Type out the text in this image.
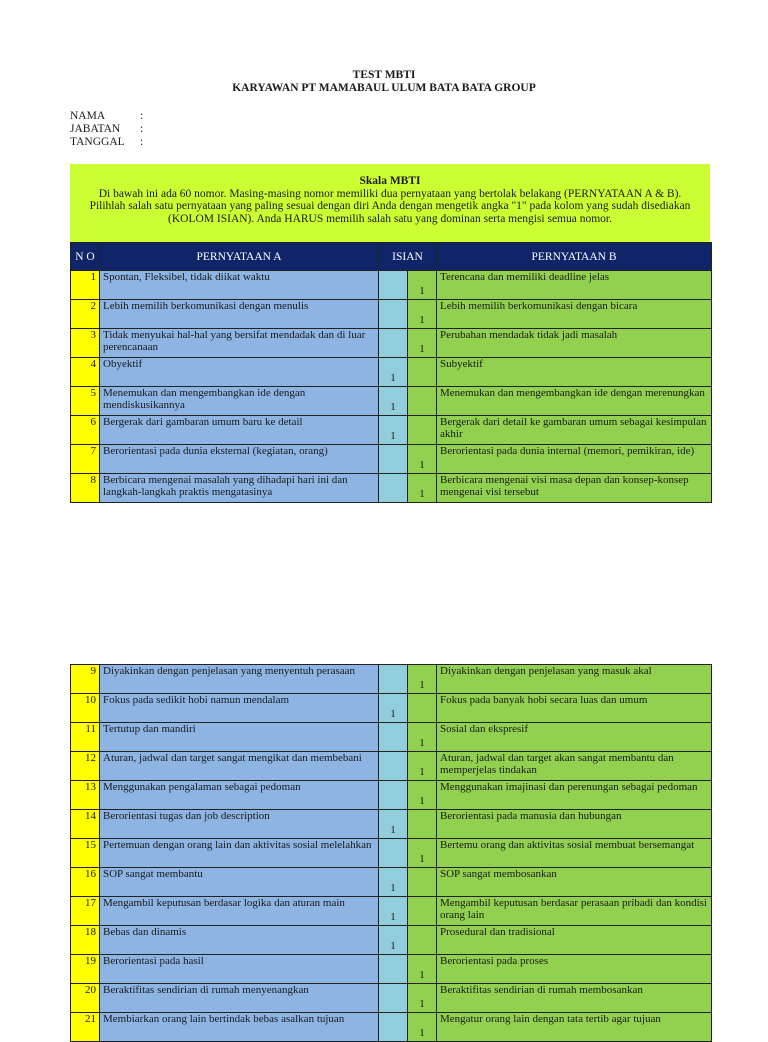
TEST MBTI
KARYAWAN PT MAMABAUL ULUM BATA BATA GROUP
NAMA	:
JABATAN	:
TANGGAL	:
Skala MBTI
Di bawah ini ada 60 nomor. Masing-masing nomor memiliki dua pernyataan yang bertolak belakang (PERNYATAAN A & B). Pilihlah salah satu pernyataan yang paling sesuai dengan diri Anda dengan mengetik angka "1" pada kolom yang sudah disediakan (KOLOM ISIAN). Anda HARUS memilih salah satu yang dominan serta mengisi semua nomor.
N O	PERNYATAAN A	ISIAN		PERNYATAAN B
1	Spontan, Fleksibel, tidak diikat waktu		1	Terencana dan memiliki deadline jelas
2	Lebih memilih berkomunikasi dengan menulis		1	Lebih memilih berkomunikasi dengan bicara
3	Tidak menyukai hal-hal yang bersifat mendadak dan di luar perencanaan		1	Perubahan mendadak tidak jadi masalah
4	Obyektif	1		Subyektif
5	Menemukan dan mengembangkan ide dengan mendiskusikannya	1		Menemukan dan mengembangkan ide dengan merenungkan
6	Bergerak dari gambaran umum baru ke detail	1		Bergerak dari detail ke gambaran umum sebagai kesimpulan akhir
7	Berorientasi pada dunia eksternal (kegiatan, orang)		1	Berorientasi pada dunia internal (memori, pemikiran, ide)
8	Berbicara mengenai masalah yang dihadapi hari ini dan langkah-langkah praktis mengatasinya		1	Berbicara mengenai visi masa depan dan konsep-konsep mengenai visi tersebut
9	Diyakinkan dengan penjelasan yang menyentuh perasaan		1	Diyakinkan dengan penjelasan yang masuk akal
10	Fokus pada sedikit hobi namun mendalam	1		Fokus pada banyak hobi secara luas dan umum
11	Tertutup dan mandiri		1	Sosial dan ekspresif
12	Aturan, jadwal dan target sangat mengikat dan membebani		1	Aturan, jadwal dan target akan sangat membantu dan memperjelas tindakan
13	Menggunakan pengalaman sebagai pedoman		1	Menggunakan imajinasi dan perenungan sebagai pedoman
14	Berorientasi tugas dan job description	1		Berorientasi pada manusia dan hubungan
15	Pertemuan dengan orang lain dan aktivitas sosial melelahkan		1	Bertemu orang dan aktivitas sosial membuat bersemangat
16	SOP sangat membantu	1		SOP sangat membosankan
17	Mengambil keputusan berdasar logika dan aturan main	1		Mengambil keputusan berdasar perasaan pribadi dan kondisi orang lain
18	Bebas dan dinamis	1		Prosedural dan tradisional
19	Berorientasi pada hasil		1	Berorientasi pada proses
20	Beraktifitas sendirian di rumah menyenangkan		1	Beraktifitas sendirian di rumah membosankan
21	Membiarkan orang lain bertindak bebas asalkan tujuan		1	Mengatur orang lain dengan tata tertib agar tujuan
